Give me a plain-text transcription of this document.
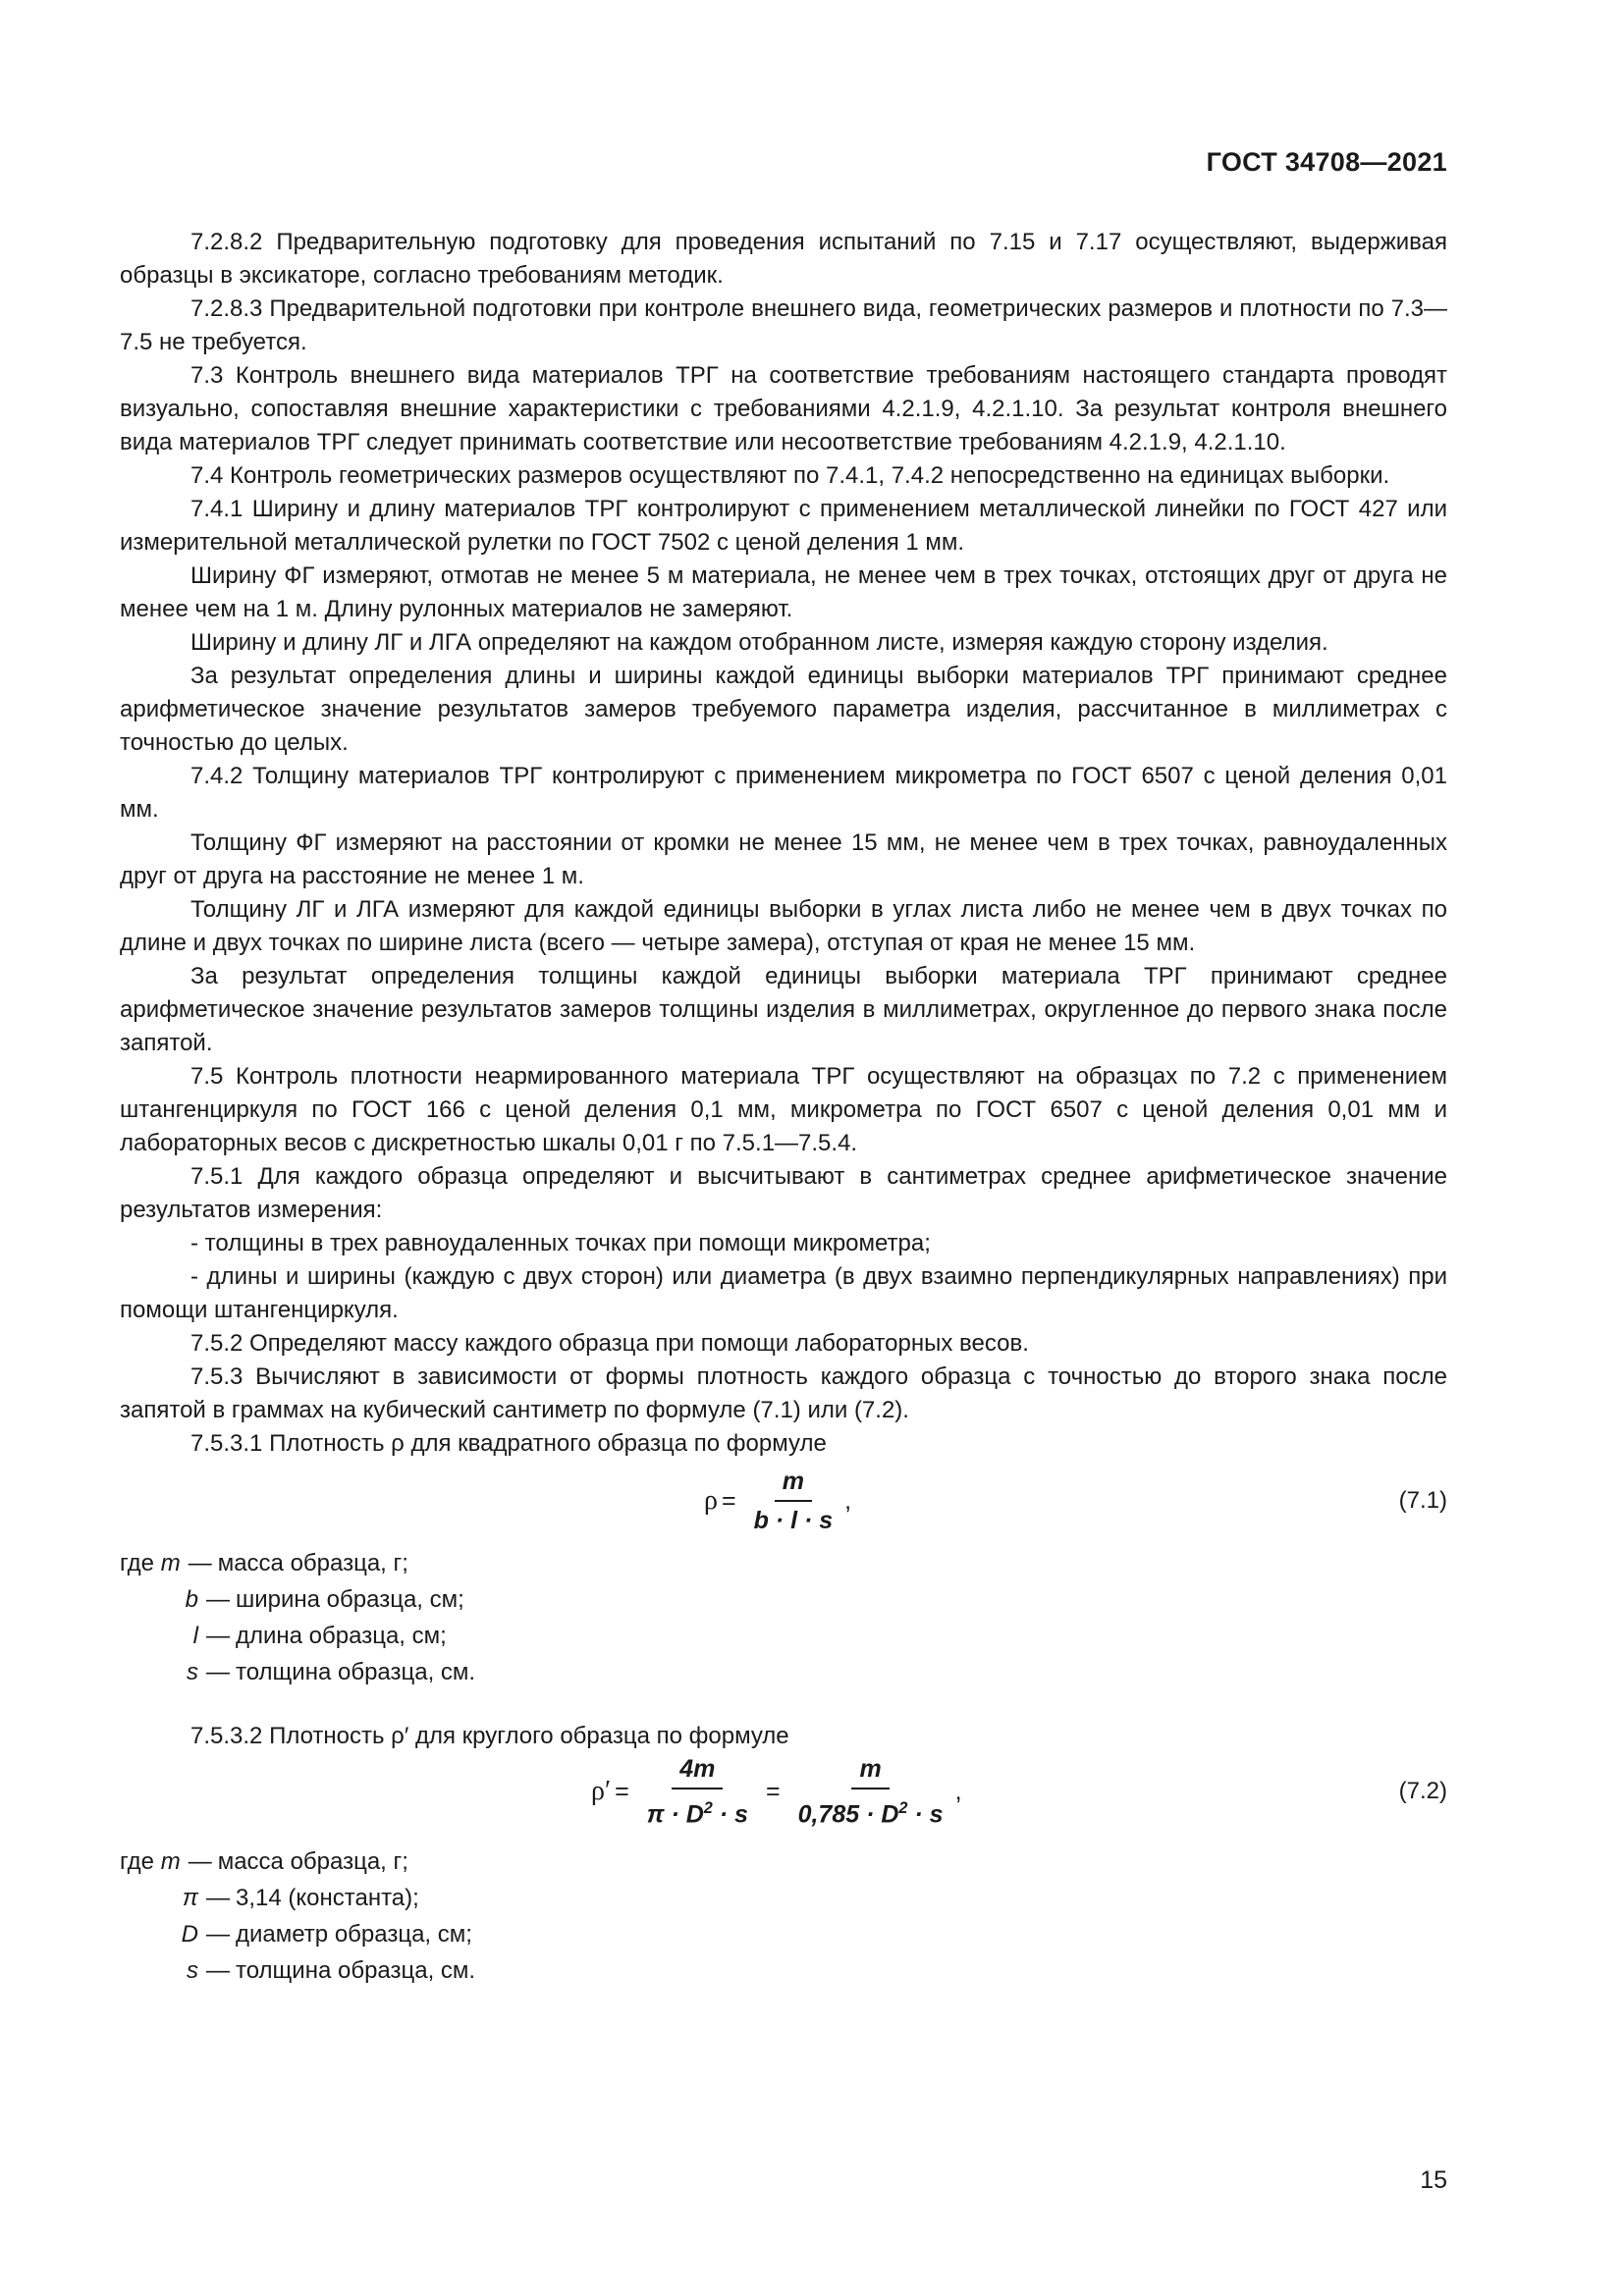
ГОСТ 34708—2021

7.2.8.2 Предварительную подготовку для проведения испытаний по 7.15 и 7.17 осуществляют, выдерживая образцы в эксикаторе, согласно требованиям методик.

7.2.8.3 Предварительной подготовки при контроле внешнего вида, геометрических размеров и плотности по 7.3—7.5 не требуется.

7.3 Контроль внешнего вида материалов ТРГ на соответствие требованиям настоящего стандарта проводят визуально, сопоставляя внешние характеристики с требованиями 4.2.1.9, 4.2.1.10. За результат контроля внешнего вида материалов ТРГ следует принимать соответствие или несоответствие требованиям 4.2.1.9, 4.2.1.10.

7.4 Контроль геометрических размеров осуществляют по 7.4.1, 7.4.2 непосредственно на единицах выборки.

7.4.1 Ширину и длину материалов ТРГ контролируют с применением металлической линейки по ГОСТ 427 или измерительной металлической рулетки по ГОСТ 7502 с ценой деления 1 мм.

Ширину ФГ измеряют, отмотав не менее 5 м материала, не менее чем в трех точках, отстоящих друг от друга не менее чем на 1 м. Длину рулонных материалов не замеряют.

Ширину и длину ЛГ и ЛГА определяют на каждом отобранном листе, измеряя каждую сторону изделия.

За результат определения длины и ширины каждой единицы выборки материалов ТРГ принимают среднее арифметическое значение результатов замеров требуемого параметра изделия, рассчитанное в миллиметрах с точностью до целых.

7.4.2 Толщину материалов ТРГ контролируют с применением микрометра по ГОСТ 6507 с ценой деления 0,01 мм.

Толщину ФГ измеряют на расстоянии от кромки не менее 15 мм, не менее чем в трех точках, равноудаленных друг от друга на расстояние не менее 1 м.

Толщину ЛГ и ЛГА измеряют для каждой единицы выборки в углах листа либо не менее чем в двух точках по длине и двух точках по ширине листа (всего — четыре замера), отступая от края не менее 15 мм.

За результат определения толщины каждой единицы выборки материала ТРГ принимают среднее арифметическое значение результатов замеров толщины изделия в миллиметрах, округленное до первого знака после запятой.

7.5 Контроль плотности неармированного материала ТРГ осуществляют на образцах по 7.2 с применением штангенциркуля по ГОСТ 166 с ценой деления 0,1 мм, микрометра по ГОСТ 6507 с ценой деления 0,01 мм и лабораторных весов с дискретностью шкалы 0,01 г по 7.5.1—7.5.4.

7.5.1 Для каждого образца определяют и высчитывают в сантиметрах среднее арифметическое значение результатов измерения:

- толщины в трех равноудаленных точках при помощи микрометра;

- длины и ширины (каждую с двух сторон) или диаметра (в двух взаимно перпендикулярных направлениях) при помощи штангенциркуля.

7.5.2 Определяют массу каждого образца при помощи лабораторных весов.

7.5.3 Вычисляют в зависимости от формы плотность каждого образца с точностью до второго знака после запятой в граммах на кубический сантиметр по формуле (7.1) или (7.2).

7.5.3.1 Плотность ρ для квадратного образца по формуле

$\rho = \frac{m}{b \cdot l \cdot s}$ ,	(7.1)
где m — масса образца, г;
b — ширина образца, см;
l — длина образца, см;
s — толщина образца, см.

7.5.3.2 Плотность ρ′ для круглого образца по формуле

$\rho' = \frac{4m}{\pi \cdot D^2 \cdot s} = \frac{m}{0,785 \cdot D^2 \cdot s}$ ,	(7.2)
где m — масса образца, г;
π — 3,14 (константа);
D — диаметр образца, см;
s — толщина образца, см.
15
